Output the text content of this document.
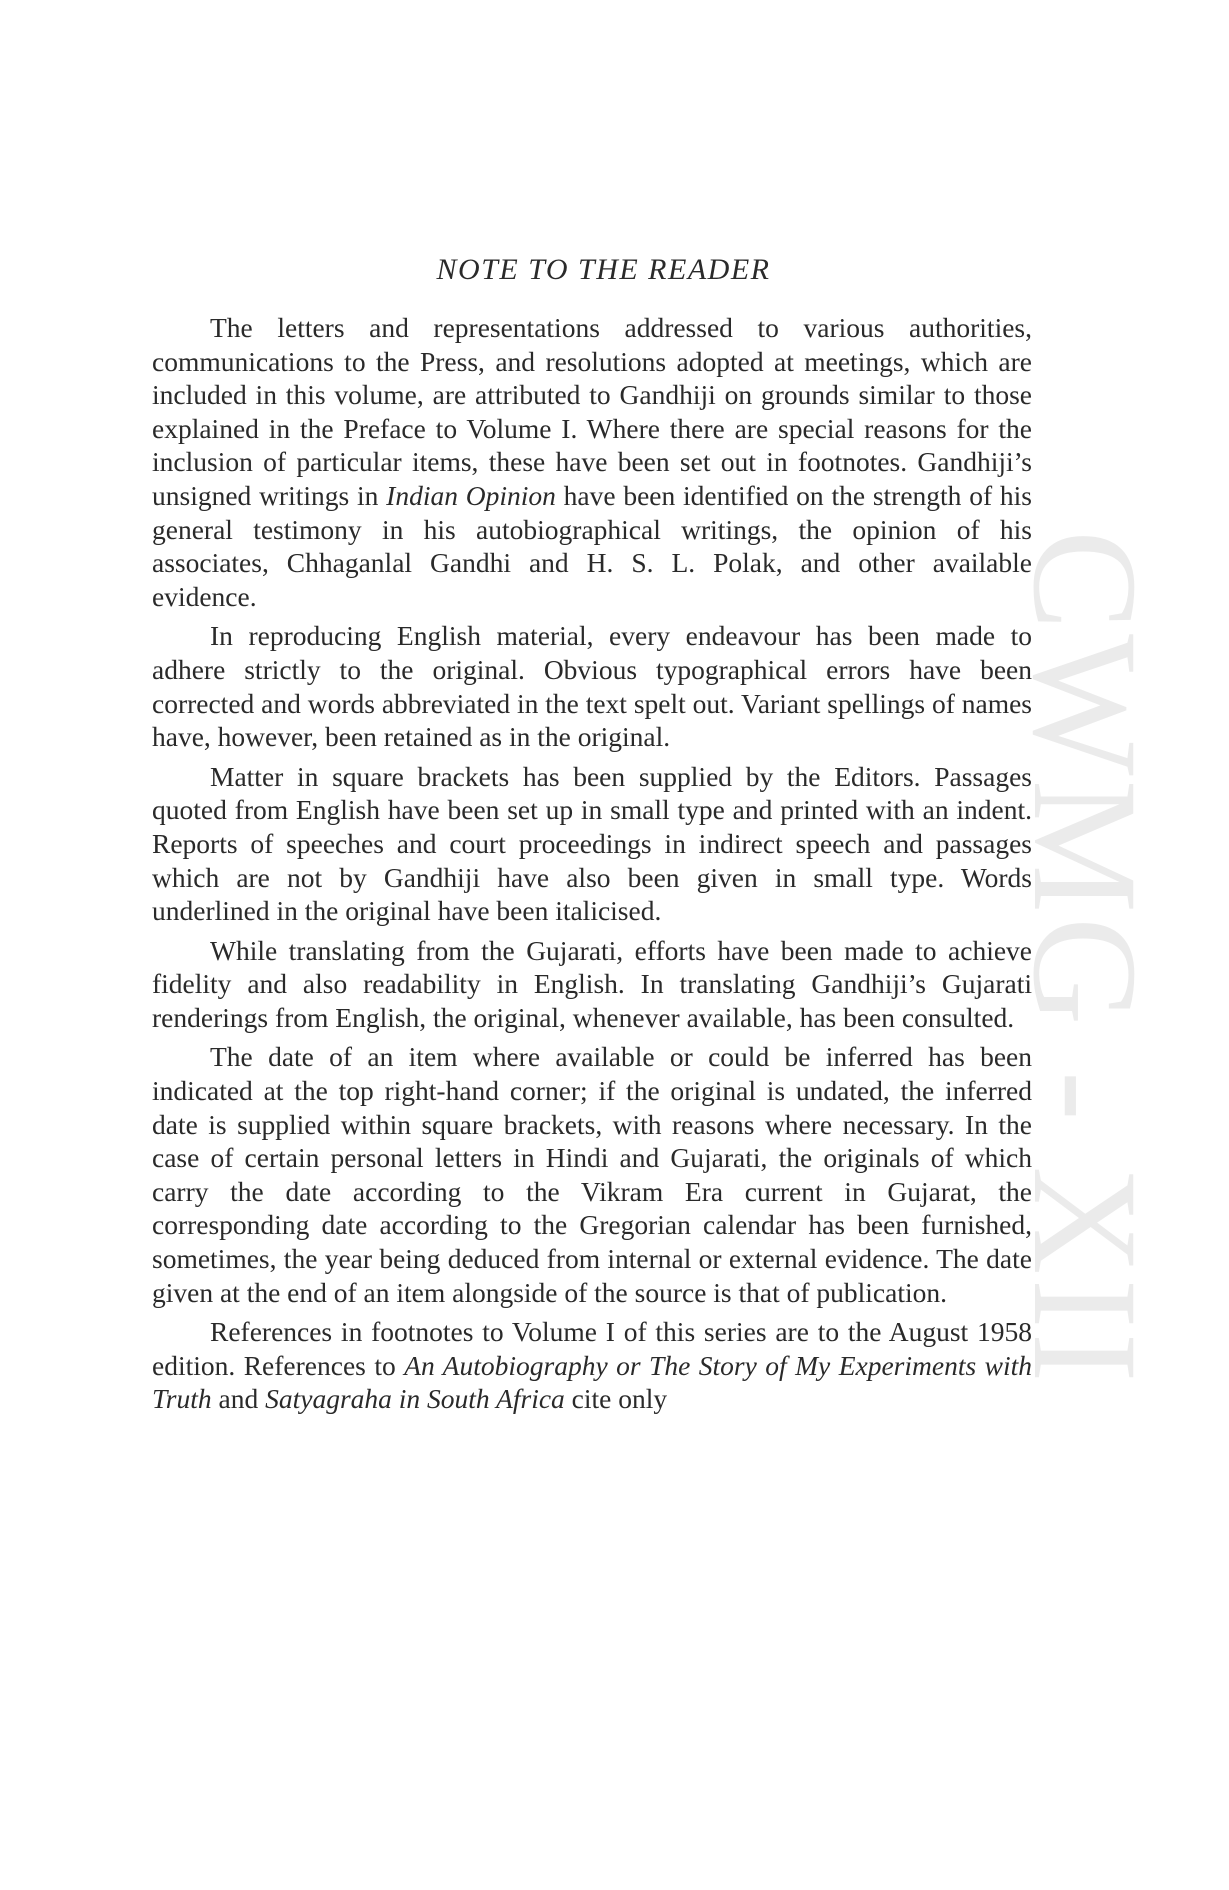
CWMG - XII
NOTE TO THE READER

The letters and representations addressed to various authorities, communications to the Press, and resolutions adopted at meetings, which are included in this volume, are attributed to Gandhiji on grounds similar to those explained in the Preface to Volume I. Where there are special reasons for the inclusion of particular items, these have been set out in footnotes. Gandhiji’s unsigned writings in Indian Opinion have been identified on the strength of his general testimony in his autobiographical writings, the opinion of his associates, Chhaganlal Gandhi and H. S. L. Polak, and other available evidence.

In reproducing English material, every endeavour has been made to adhere strictly to the original. Obvious typographical errors have been corrected and words abbreviated in the text spelt out. Variant spellings of names have, however, been retained as in the original.

Matter in square brackets has been supplied by the Editors. Passages quoted from English have been set up in small type and printed with an indent. Reports of speeches and court proceedings in indirect speech and passages which are not by Gandhiji have also been given in small type. Words underlined in the original have been italicised.

While translating from the Gujarati, efforts have been made to achieve fidelity and also readability in English. In translating Gandhiji’s Gujarati renderings from English, the original, whenever available, has been consulted.

The date of an item where available or could be inferred has been indicated at the top right-hand corner; if the original is undated, the inferred date is supplied within square brackets, with reasons where necessary. In the case of certain personal letters in Hindi and Gujarati, the originals of which carry the date according to the Vikram Era current in Gujarat, the corresponding date according to the Gregorian calendar has been furnished, sometimes, the year being deduced from internal or external evidence. The date given at the end of an item alongside of the source is that of publication.

References in footnotes to Volume I of this series are to the August 1958 edition. References to An Autobiography or The Story of My Experiments with Truth and Satyagraha in South Africa cite only
